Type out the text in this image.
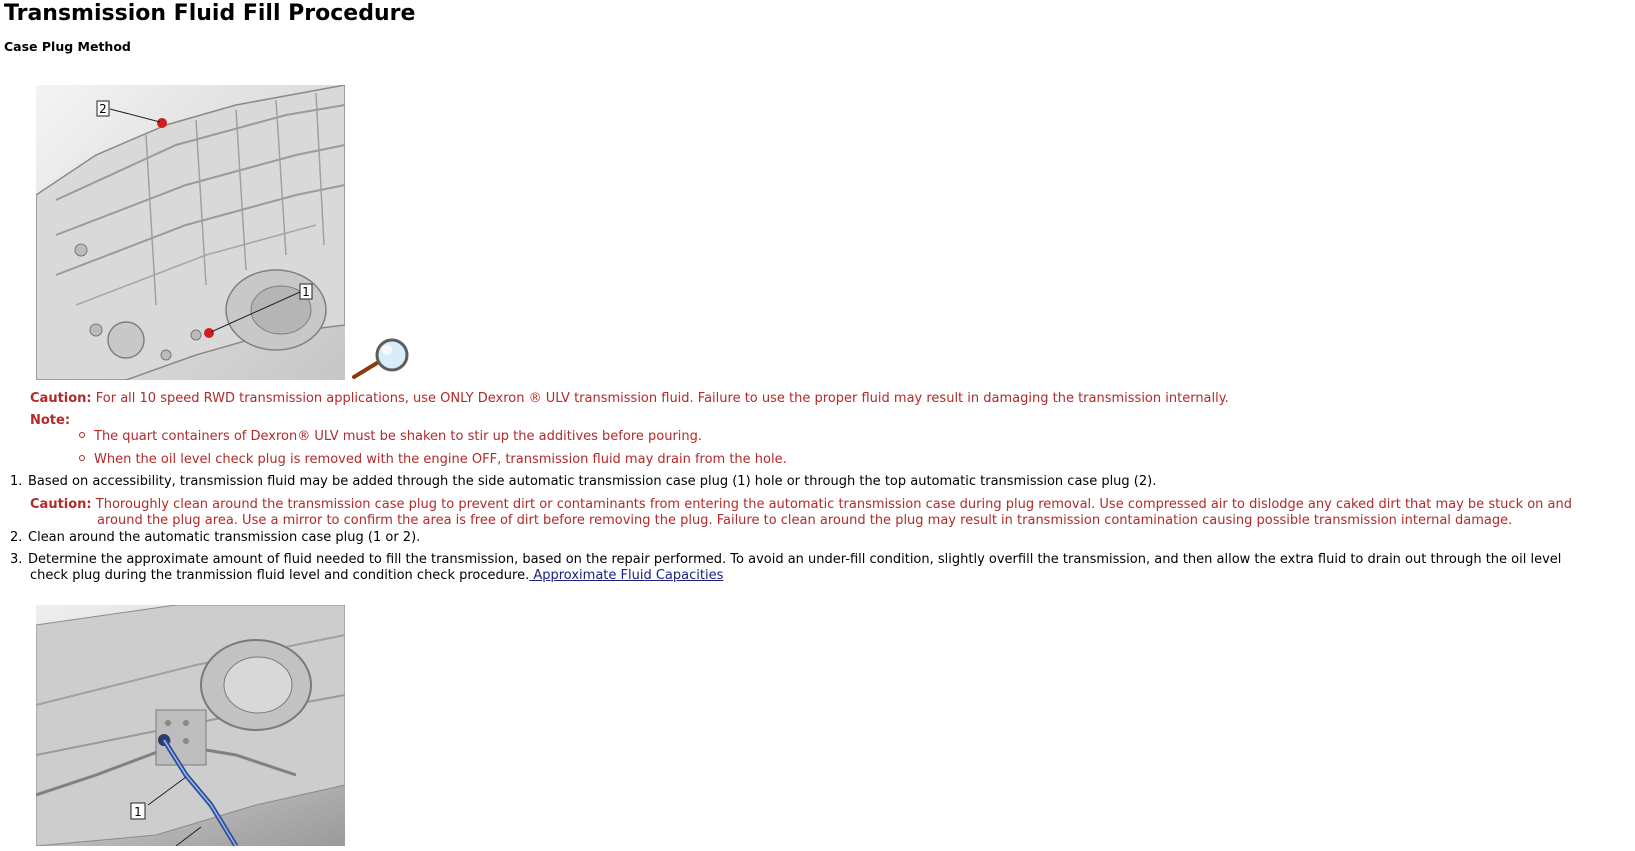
Transmission Fluid Fill Procedure

Case Plug Method

2
1
Caution: For all 10 speed RWD transmission applications, use ONLY Dexron ® ULV transmission fluid. Failure to use the proper fluid may result in damaging the transmission internally.
Note:
The quart containers of Dexron® ULV must be shaken to stir up the additives before pouring.
When the oil level check plug is removed with the engine OFF, transmission fluid may drain from the hole.
1. Based on accessibility, transmission fluid may be added through the side automatic transmission case plug (1) hole or through the top automatic transmission case plug (2).
Caution: Thoroughly clean around the transmission case plug to prevent dirt or contaminants from entering the automatic transmission case during plug removal. Use compressed air to dislodge any caked dirt that may be stuck on and
around the plug area. Use a mirror to confirm the area is free of dirt before removing the plug. Failure to clean around the plug may result in transmission contamination causing possible transmission internal damage.
2. Clean around the automatic transmission case plug (1 or 2).
3. Determine the approximate amount of fluid needed to fill the transmission, based on the repair performed. To avoid an under-fill condition, slightly overfill the transmission, and then allow the extra fluid to drain out through the oil level
check plug during the tranmission fluid level and condition check procedure. Approximate Fluid Capacities
1
